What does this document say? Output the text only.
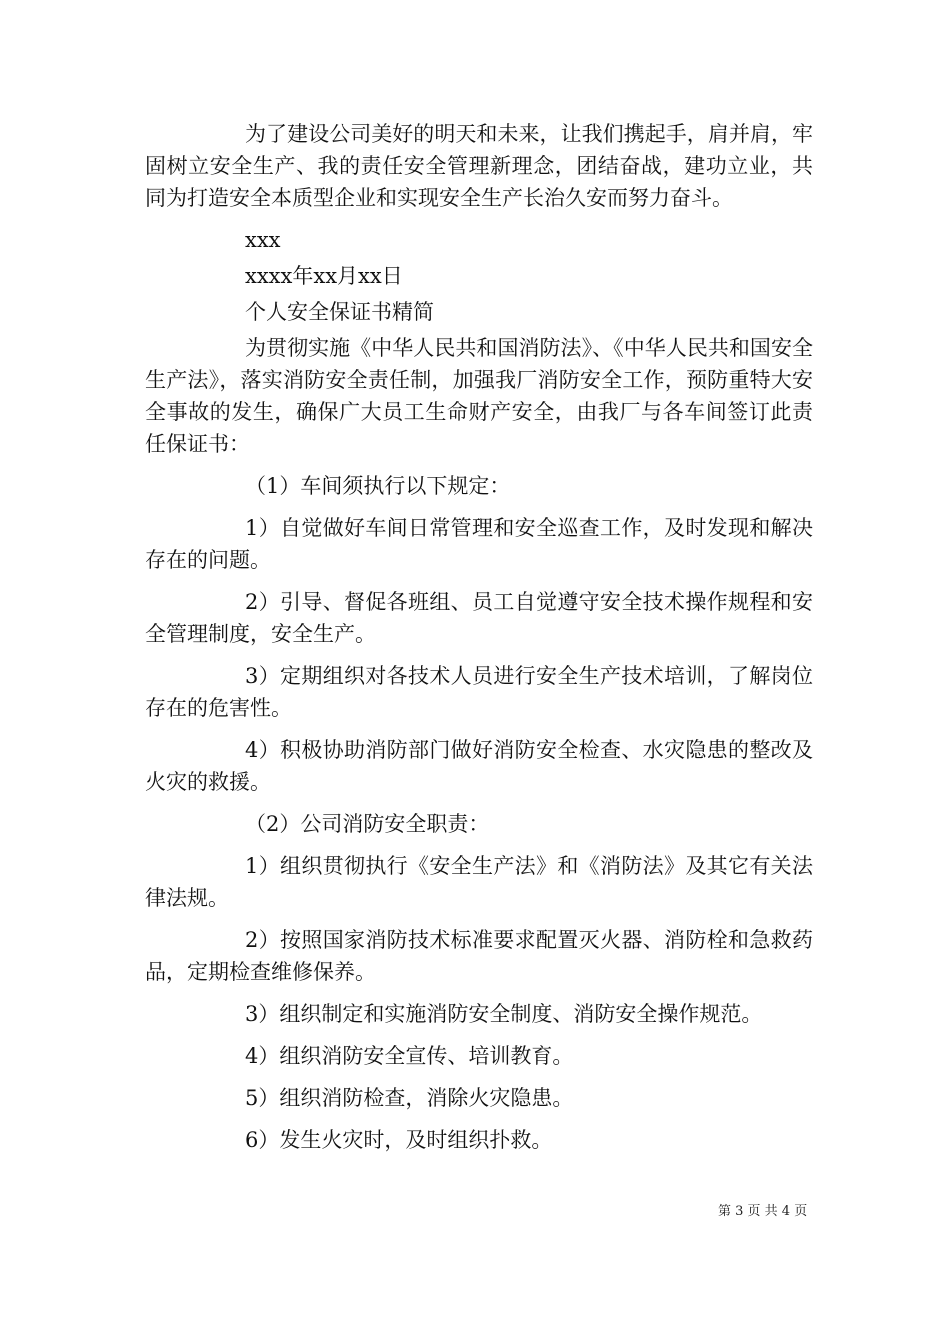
为了建设公司美好的明天和未来，让我们携起手，肩并肩，牢固树立安全生产、我的责任安全管理新理念，团结奋战，建功立业，共同为打造安全本质型企业和实现安全生产长治久安而努力奋斗。

xxx

xxxx年xx月xx日

个人安全保证书精简

为贯彻实施《中华人民共和国消防法》、《中华人民共和国安全生产法》，落实消防安全责任制，加强我厂消防安全工作，预防重特大安全事故的发生，确保广大员工生命财产安全，由我厂与各车间签订此责任保证书：

（1）车间须执行以下规定：

1）自觉做好车间日常管理和安全巡查工作，及时发现和解决存在的问题。

2）引导、督促各班组、员工自觉遵守安全技术操作规程和安全管理制度，安全生产。

3）定期组织对各技术人员进行安全生产技术培训，了解岗位存在的危害性。

4）积极协助消防部门做好消防安全检查、水灾隐患的整改及火灾的救援。

（2）公司消防安全职责：

1）组织贯彻执行《安全生产法》和《消防法》及其它有关法律法规。

2）按照国家消防技术标准要求配置灭火器、消防栓和急救药品，定期检查维修保养。

3）组织制定和实施消防安全制度、消防安全操作规范。

4）组织消防安全宣传、培训教育。

5）组织消防检查，消除火灾隐患。

6）发生火灾时，及时组织扑救。

第 3 页 共 4 页
